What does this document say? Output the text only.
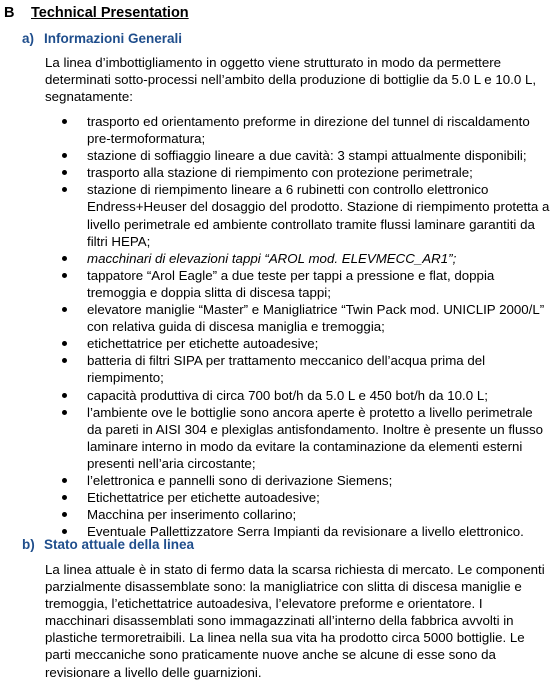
B Technical Presentation
a) Informazioni Generali

La linea d’imbottigliamento in oggetto viene strutturato in modo da permettere determinati sotto-processi nell’ambito della produzione di bottiglie da 5.0 L e 10.0 L, segnatamente:

trasporto ed orientamento preforme in direzione del tunnel di riscaldamento pre-termoformatura;
stazione di soffiaggio lineare a due cavità: 3 stampi attualmente disponibili;
trasporto alla stazione di riempimento con protezione perimetrale;
stazione di riempimento lineare a 6 rubinetti con controllo elettronico Endress+Heuser del dosaggio del prodotto. Stazione di riempimento protetta a livello perimetrale ed ambiente controllato tramite flussi laminare garantiti da filtri HEPA;
macchinari di elevazioni tappi “AROL mod. ELEVMECC_AR1”;
tappatore “Arol Eagle” a due teste per tappi a pressione e flat, doppia tremoggia e doppia slitta di discesa tappi;
elevatore maniglie “Master” e Manigliatrice “Twin Pack mod. UNICLIP 2000/L” con relativa guida di discesa maniglia e tremoggia;
etichettatrice per etichette autoadesive;
batteria di filtri SIPA per trattamento meccanico dell’acqua prima del riempimento;
capacità produttiva di circa 700 bot/h da 5.0 L e 450 bot/h da 10.0 L;
l’ambiente ove le bottiglie sono ancora aperte è protetto a livello perimetrale da pareti in AISI 304 e plexiglas antisfondamento. Inoltre è presente un flusso laminare interno in modo da evitare la contaminazione da elementi esterni presenti nell’aria circostante;
l’elettronica e pannelli sono di derivazione Siemens;
Etichettatrice per etichette autoadesive;
Macchina per inserimento collarino;
Eventuale Pallettizzatore Serra Impianti da revisionare a livello elettronico.
b) Stato attuale della linea

La linea attuale è in stato di fermo data la scarsa richiesta di mercato. Le componenti parzialmente disassemblate sono: la manigliatrice con slitta di discesa maniglie e tremoggia, l’etichettatrice autoadesiva, l’elevatore preforme e orientatore. I macchinari disassemblati sono immagazzinati all’interno della fabbrica avvolti in plastiche termoretraibili. La linea nella sua vita ha prodotto circa 5000 bottiglie. Le parti meccaniche sono praticamente nuove anche se alcune di esse sono da revisionare a livello delle guarnizioni.
